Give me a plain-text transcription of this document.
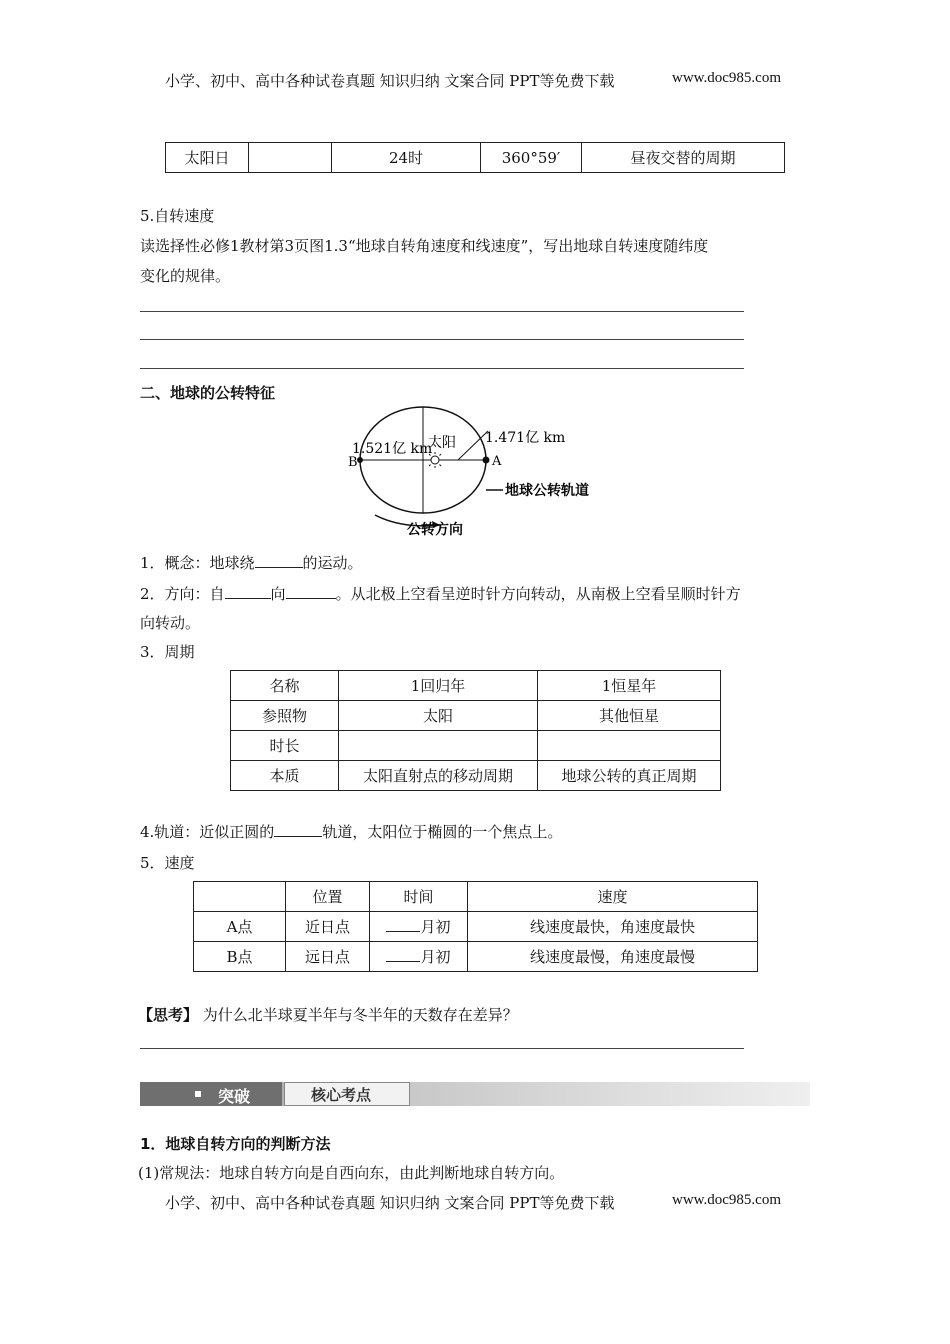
小学、初中、高中各种试卷真题 知识归纳 文案合同 PPT等免费下载	www.doc985.com
太阳日		24时	360°59′	昼夜交替的周期
5.自转速度
读选择性必修1教材第3页图1.3“地球自转角速度和线速度”，写出地球自转速度随纬度
变化的规律。
二、地球的公转特征
1.521亿 km
太阳 1.471亿 km
B	A
地球公转轨道
公转方向
1．概念：地球绕	的运动。
2．方向：自	向	。从北极上空看呈逆时针方向转动，从南极上空看呈顺时针方
向转动。
3．周期
名称	1回归年	1恒星年
参照物	太阳	其他恒星
时长		
本质	太阳直射点的移动周期	地球公转的真正周期
4.轨道：近似正圆的	轨道，太阳位于椭圆的一个焦点上。
5．速度
	位置	时间	速度
A点	近日点	月初	线速度最快，角速度最快
B点	远日点	月初	线速度最慢，角速度最慢
【思考】 为什么北半球夏半年与冬半年的天数存在差异？
突破	核心考点
1．地球自转方向的判断方法
(1)常规法：地球自转方向是自西向东，由此判断地球自转方向。
小学、初中、高中各种试卷真题 知识归纳 文案合同 PPT等免费下载	www.doc985.com
